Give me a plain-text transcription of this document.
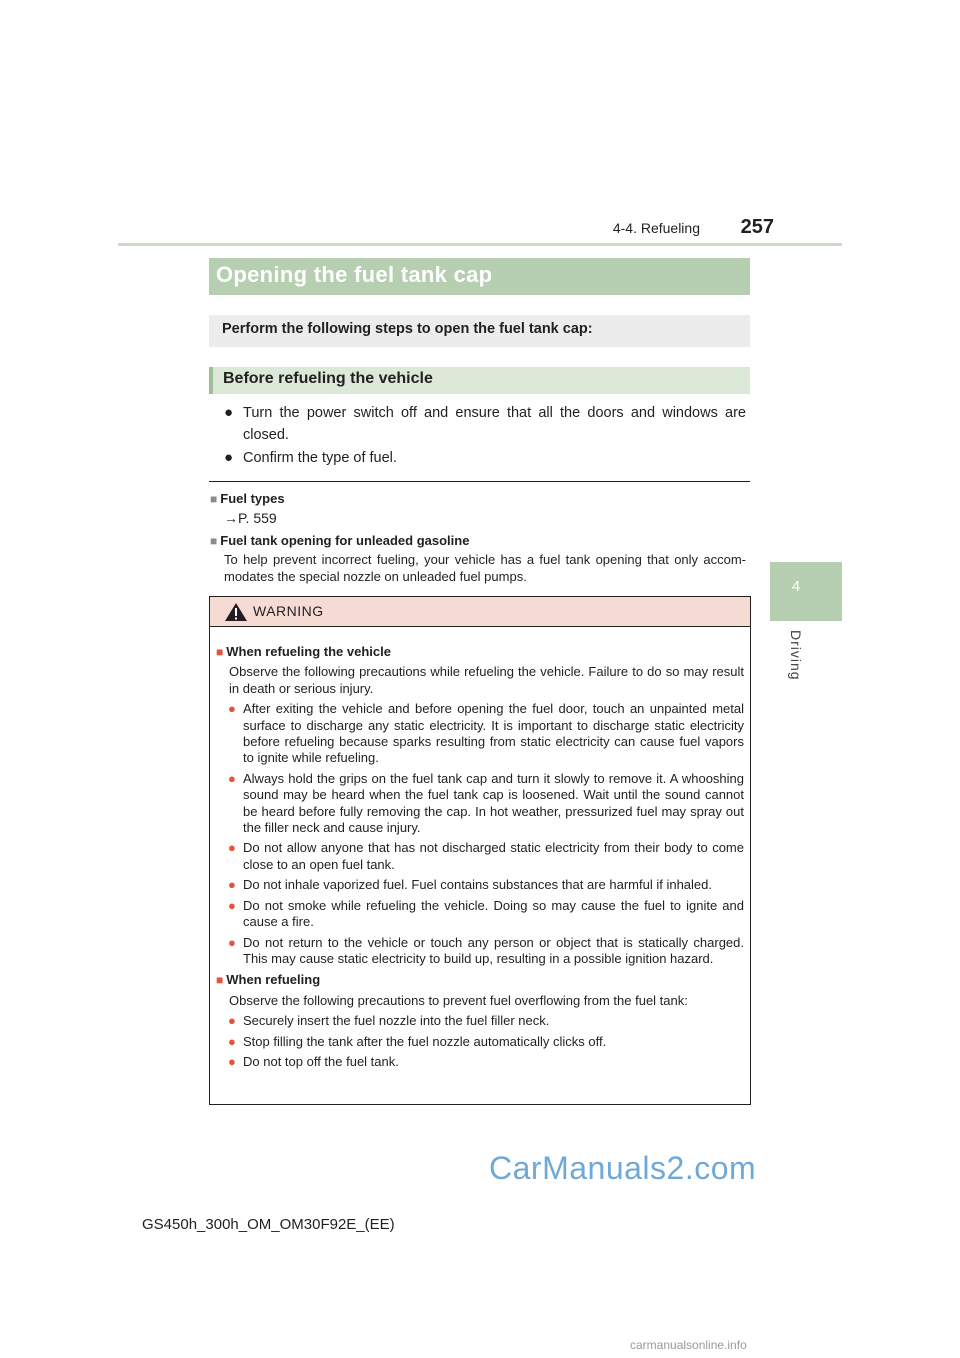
4-4. Refueling	257
4
Driving
Opening the fuel tank cap
Perform the following steps to open the fuel tank cap:
Before refueling the vehicle
● Turn the power switch off and ensure that all the doors and windows are closed.
● Confirm the type of fuel.
■ Fuel types
→P. 559
■ Fuel tank opening for unleaded gasoline
To help prevent incorrect fueling, your vehicle has a fuel tank opening that only accom-modates the special nozzle on unleaded fuel pumps.
WARNING
■ When refueling the vehicle
Observe the following precautions while refueling the vehicle. Failure to do so may result in death or serious injury.
● After exiting the vehicle and before opening the fuel door, touch an unpainted metal surface to discharge any static electricity. It is important to discharge static electricity before refueling because sparks resulting from static electricity can cause fuel vapors to ignite while refueling.
● Always hold the grips on the fuel tank cap and turn it slowly to remove it. A whooshing sound may be heard when the fuel tank cap is loosened. Wait until the sound cannot be heard before fully removing the cap. In hot weather, pressurized fuel may spray out the filler neck and cause injury.
● Do not allow anyone that has not discharged static electricity from their body to come close to an open fuel tank.
● Do not inhale vaporized fuel. Fuel contains substances that are harmful if inhaled.
● Do not smoke while refueling the vehicle. Doing so may cause the fuel to ignite and cause a fire.
● Do not return to the vehicle or touch any person or object that is statically charged. This may cause static electricity to build up, resulting in a possible ignition hazard.
■ When refueling
Observe the following precautions to prevent fuel overflowing from the fuel tank:
● Securely insert the fuel nozzle into the fuel filler neck.
● Stop filling the tank after the fuel nozzle automatically clicks off.
● Do not top off the fuel tank.
CarManuals2.com
GS450h_300h_OM_OM30F92E_(EE)
carmanualsonline.info
